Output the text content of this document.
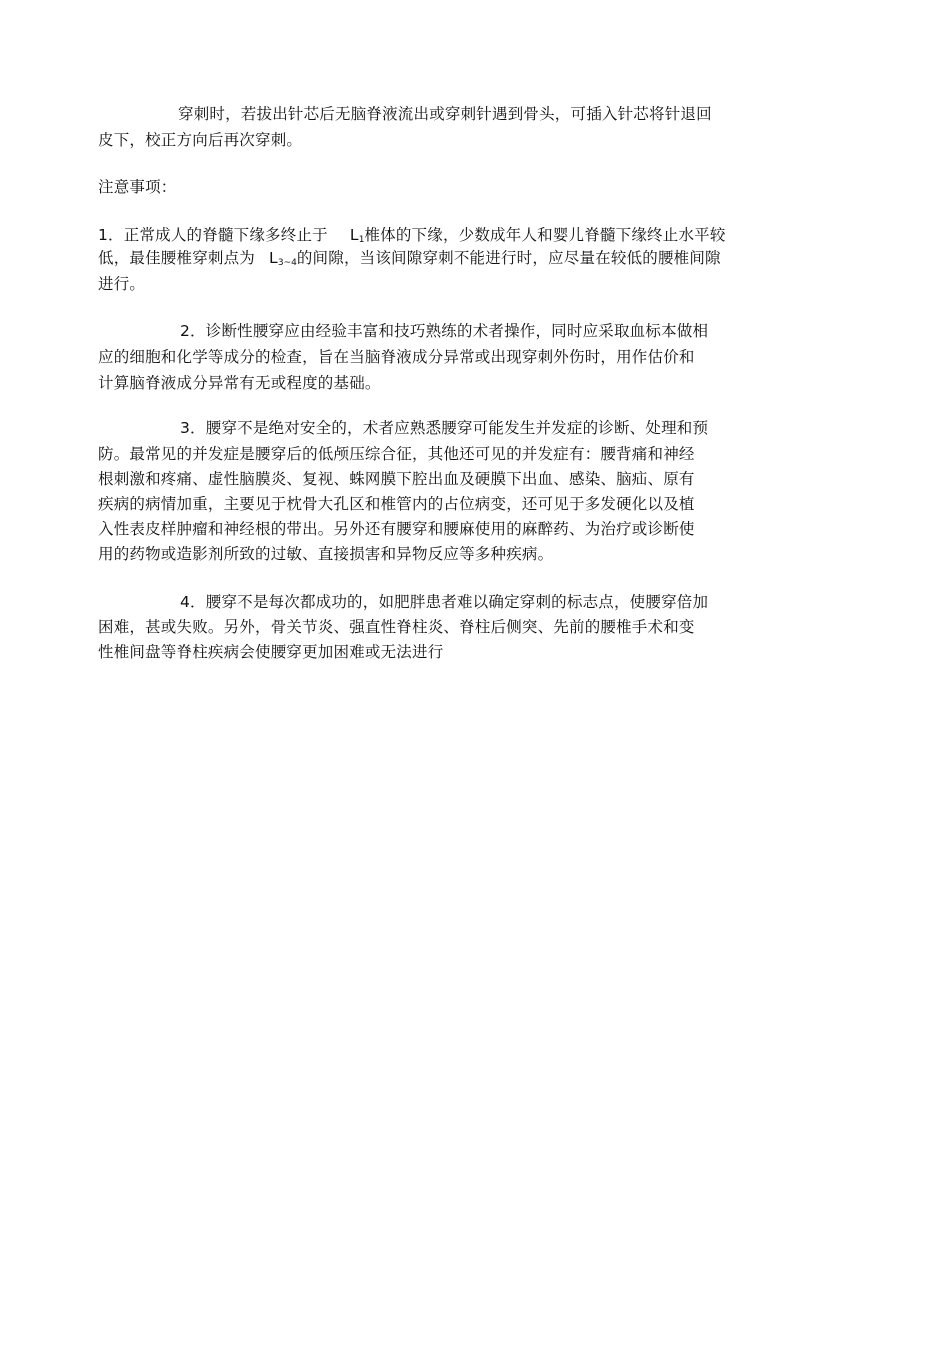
穿刺时，若拔出针芯后无脑脊液流出或穿刺针遇到骨头，可插入针芯将针退回
皮下，校正方向后再次穿刺。
注意事项：
1．正常成人的脊髓下缘多终止于 $L_1$椎体的下缘，少数成年人和婴儿脊髓下缘终止水平较
低，最佳腰椎穿刺点为 $L_{3\sim 4}$的间隙，当该间隙穿刺不能进行时，应尽量在较低的腰椎间隙
进行。
2．诊断性腰穿应由经验丰富和技巧熟练的术者操作，同时应采取血标本做相
应的细胞和化学等成分的检查，旨在当脑脊液成分异常或出现穿刺外伤时，用作估价和
计算脑脊液成分异常有无或程度的基础。
3．腰穿不是绝对安全的，术者应熟悉腰穿可能发生并发症的诊断、处理和预
防。最常见的并发症是腰穿后的低颅压综合征，其他还可见的并发症有：腰背痛和神经
根刺激和疼痛、虚性脑膜炎、复视、蛛网膜下腔出血及硬膜下出血、感染、脑疝、原有
疾病的病情加重，主要见于枕骨大孔区和椎管内的占位病变，还可见于多发硬化以及植
入性表皮样肿瘤和神经根的带出。另外还有腰穿和腰麻使用的麻醉药、为治疗或诊断使
用的药物或造影剂所致的过敏、直接损害和异物反应等多种疾病。
4．腰穿不是每次都成功的，如肥胖患者难以确定穿刺的标志点，使腰穿倍加
困难，甚或失败。另外，骨关节炎、强直性脊柱炎、脊柱后侧突、先前的腰椎手术和变
性椎间盘等脊柱疾病会使腰穿更加困难或无法进行
